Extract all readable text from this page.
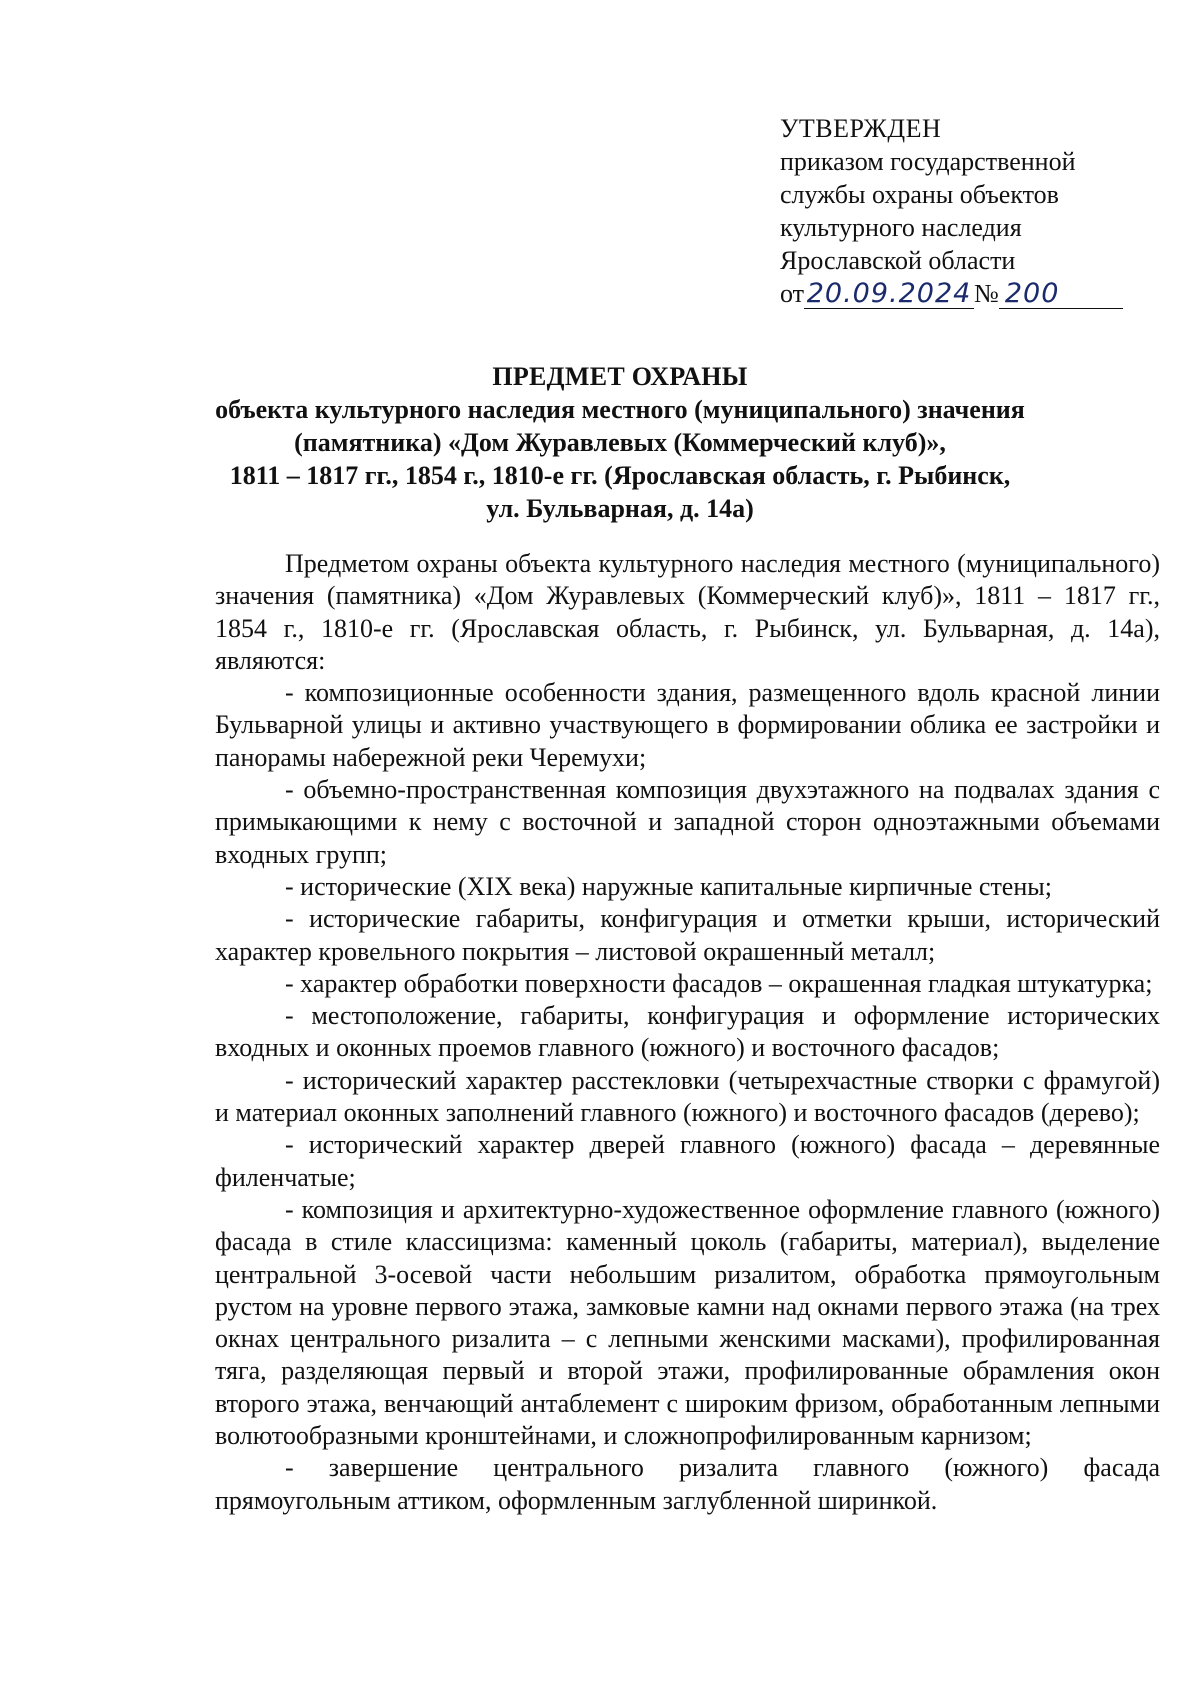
УТВЕРЖДЕН
приказом государственной
службы охраны объектов
культурного наследия
Ярославской области
от 20.09.2024 № 200
ПРЕДМЕТ ОХРАНЫ
объекта культурного наследия местного (муниципального) значения
(памятника) «Дом Журавлевых (Коммерческий клуб)»,
1811 – 1817 гг., 1854 г., 1810-е гг. (Ярославская область, г. Рыбинск,
ул. Бульварная, д. 14а)

Предметом охраны объекта культурного наследия местного (муниципального) значения (памятника) «Дом Журавлевых (Коммерческий клуб)», 1811 – 1817 гг., 1854 г., 1810-е гг. (Ярославская область, г. Рыбинск, ул. Бульварная, д. 14а), являются:

- композиционные особенности здания, размещенного вдоль красной линии Бульварной улицы и активно участвующего в формировании облика ее застройки и панорамы набережной реки Черемухи;

- объемно-пространственная композиция двухэтажного на подвалах здания с примыкающими к нему с восточной и западной сторон одноэтажными объемами входных групп;

- исторические (XIX века) наружные капитальные кирпичные стены;

- исторические габариты, конфигурация и отметки крыши, исторический характер кровельного покрытия – листовой окрашенный металл;

- характер обработки поверхности фасадов – окрашенная гладкая штукатурка;

- местоположение, габариты, конфигурация и оформление исторических входных и оконных проемов главного (южного) и восточного фасадов;

- исторический характер расстекловки (четырехчастные створки с фрамугой) и материал оконных заполнений главного (южного) и восточного фасадов (дерево);

- исторический характер дверей главного (южного) фасада – деревянные филенчатые;

- композиция и архитектурно-художественное оформление главного (южного) фасада в стиле классицизма: каменный цоколь (габариты, материал), выделение центральной 3-осевой части небольшим ризалитом, обработка прямоугольным рустом на уровне первого этажа, замковые камни над окнами первого этажа (на трех окнах центрального ризалита – с лепными женскими масками), профилированная тяга, разделяющая первый и второй этажи, профилированные обрамления окон второго этажа, венчающий антаблемент с широким фризом, обработанным лепными волютообразными кронштейнами, и сложнопрофилированным карнизом;

- завершение центрального ризалита главного (южного) фасада прямоугольным аттиком, оформленным заглубленной ширинкой.
